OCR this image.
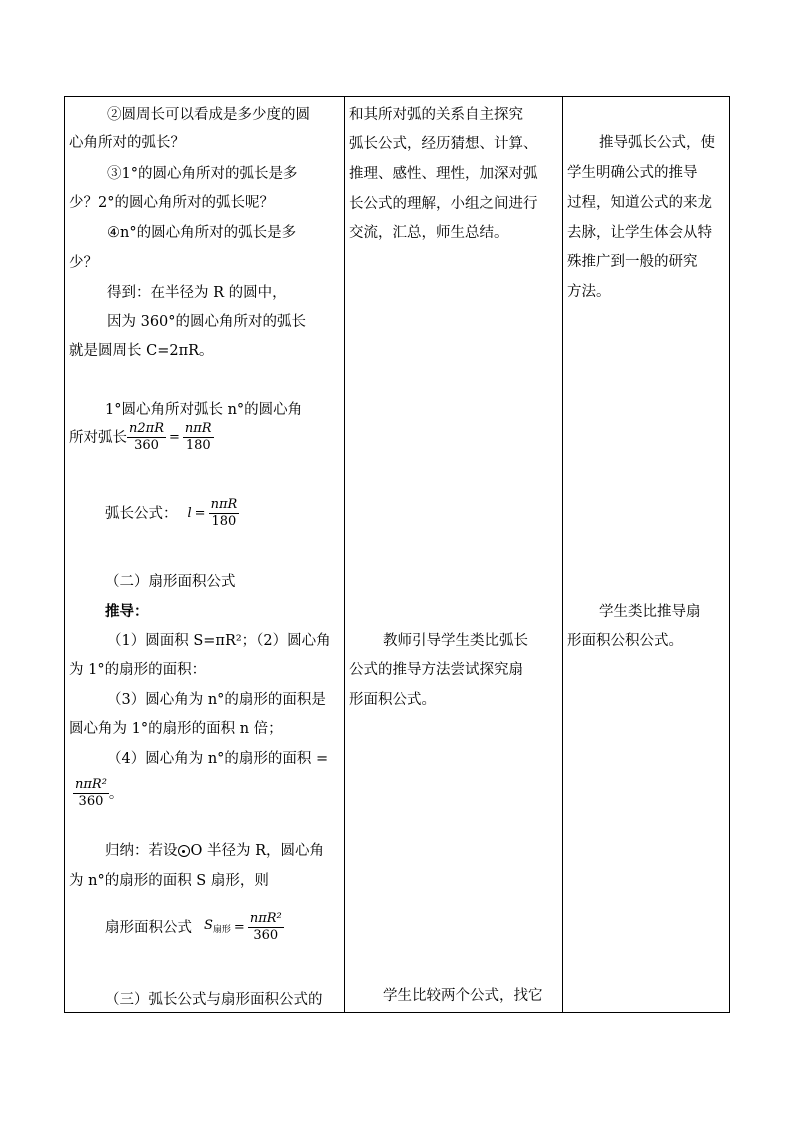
②圆周长可以看成是多少度的圆
心角所对的弧长？
③1°的圆心角所对的弧长是多
少？2°的圆心角所对的弧长呢？
④n°的圆心角所对的弧长是多
少？
得到：在半径为 R 的圆中，
因为 360°的圆心角所对的弧长
就是圆周长 C=2πR。
1°圆心角所对弧长 n°的圆心角
所对弧长 $\frac{n2\pi R}{360} = \frac{\text{nπR}}{180}$
弧长公式： $l = \frac{\text{nπR}}{180}$
（二）扇形面积公式
推导：
（1）圆面积 S=πR²；（2）圆心角
为 1°的扇形的面积：
（3）圆心角为 n°的扇形的面积是
圆心角为 1°的扇形的面积 n 倍；
（4）圆心角为 n°的扇形的面积 =
$\frac{\text{nπR²}}{360}$ 。
归纳：若设 O 半径为 R，圆心角
为 n°的扇形的面积 S 扇形，则
扇形面积公式 $S_{扇形} = \frac{\text{nπR²}}{360}$
（三）弧长公式与扇形面积公式的
和其所对弧的关系自主探究
弧长公式，经历猜想、计算、
推理、感性、理性，加深对弧
长公式的理解，小组之间进行
交流，汇总，师生总结。
教师引导学生类比弧长
公式的推导方法尝试探究扇
形面积公式。
学生比较两个公式，找它
推导弧长公式，使
学生明确公式的推导
过程，知道公式的来龙
去脉，让学生体会从特
殊推广到一般的研究
方法。
学生类比推导扇
形面积公积公式。
